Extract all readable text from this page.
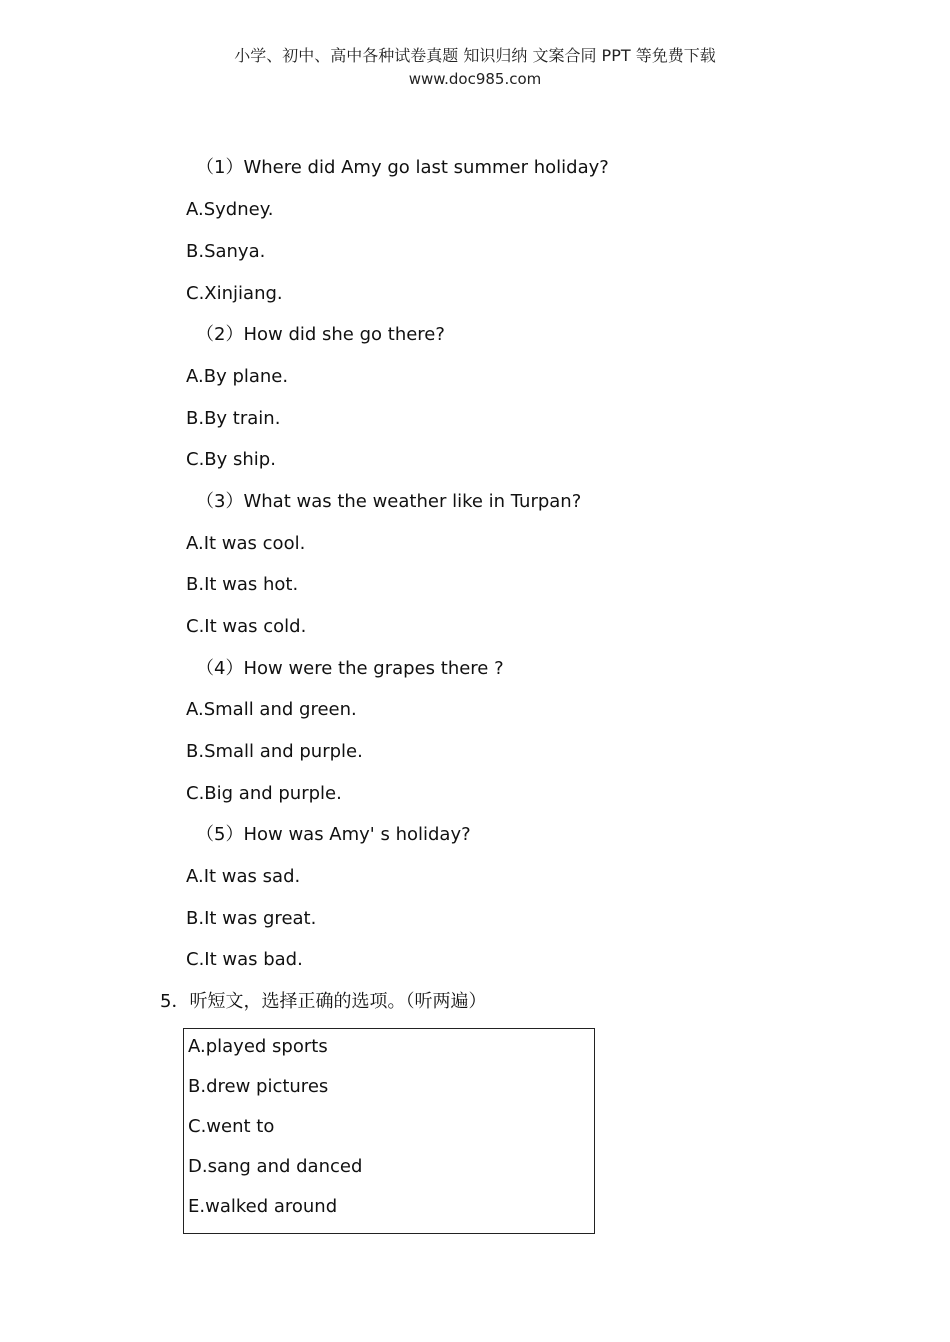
小学、初中、高中各种试卷真题 知识归纳 文案合同 PPT 等免费下载
www.doc985.com
（1）Where did Amy go last summer holiday?
A.Sydney.
B.Sanya.
C.Xinjiang.
（2）How did she go there?
A.By plane.
B.By train.
C.By ship.
（3）What was the weather like in Turpan?
A.It was cool.
B.It was hot.
C.It was cold.
（4）How were the grapes there ?
A.Small and green.
B.Small and purple.
C.Big and purple.
（5）How was Amy' s holiday?
A.It was sad.
B.It was great.
C.It was bad.
5．听短文，选择正确的选项。（听两遍）
A.played sports
B.drew pictures
C.went to
D.sang and danced
E.walked around
